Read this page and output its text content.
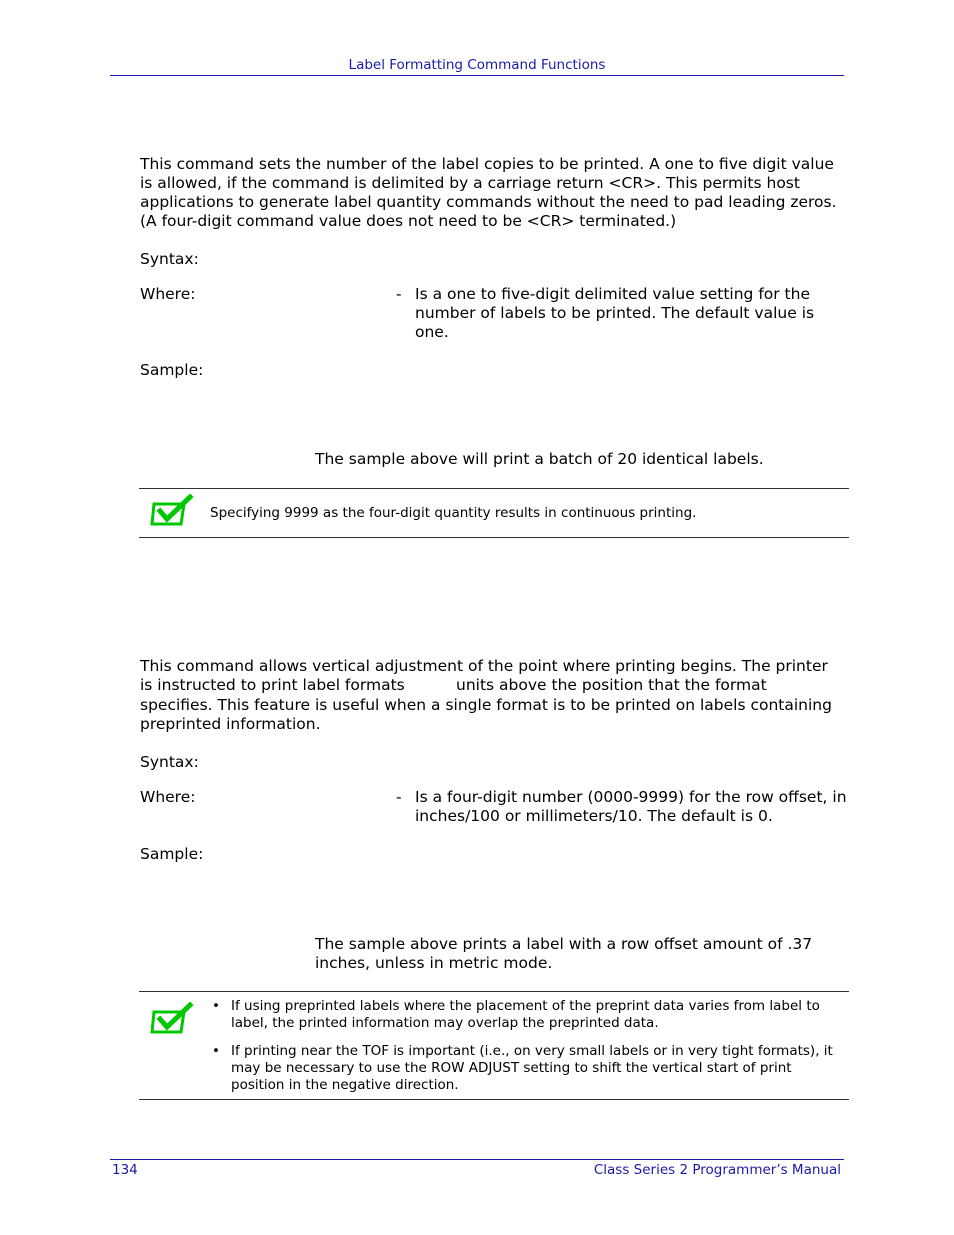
Label Formatting Command Functions
This command sets the number of the label copies to be printed. A one to five digit value is allowed, if the command is delimited by a carriage return <CR>. This permits host applications to generate label quantity commands without the need to pad leading zeros. (A four-digit command value does not need to be <CR> terminated.)
Syntax:
Where:	- Is a one to five-digit delimited value setting for the number of labels to be printed. The default value is one.
Sample:
The sample above will print a batch of 20 identical labels.
Specifying 9999 as the four-digit quantity results in continuous printing.
This command allows vertical adjustment of the point where printing begins. The printer
is instructed to print label formats	units above the position that the format
specifies. This feature is useful when a single format is to be printed on labels containing preprinted information.
Syntax:
Where:	- Is a four-digit number (0000-9999) for the row offset, in inches/100 or millimeters/10. The default is 0.
Sample:
The sample above prints a label with a row offset amount of .37 inches, unless in metric mode.
• If using preprinted labels where the placement of the preprint data varies from label to label, the printed information may overlap the preprinted data.
• If printing near the TOF is important (i.e., on very small labels or in very tight formats), it may be necessary to use the ROW ADJUST setting to shift the vertical start of print position in the negative direction.
134	Class Series 2 Programmer’s Manual
